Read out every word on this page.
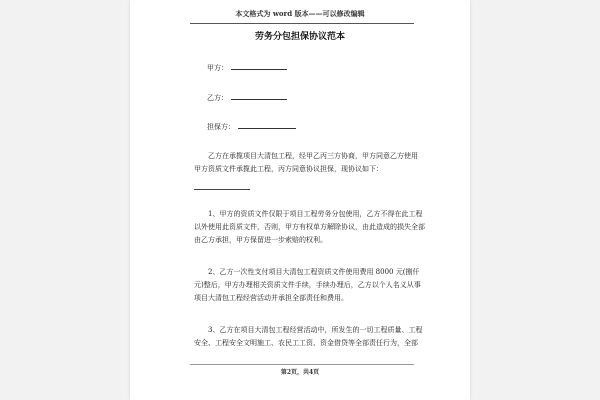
本文格式为 word 版本——可以修改编辑
劳务分包担保协议范本
甲方：
乙方：
担保方：

乙方在承揽项目大清包工程，经甲乙丙三方协商，甲方同意乙方使用

甲方资质文件承揽此工程，丙方同意协议担保，现协议如下：

1、甲方的资质文件仅限于项目工程劳务分包使用，乙方不得在此工程

以外使用此资质文件，否则，甲方有权单方解除协议，由此造成的损失全部

由乙方承担，甲方保留进一步索赔的权利。

2、乙方一次性支付项目大清包工程资质文件使用费用 8000 元(捌仟

元)整后，甲方办理相关资质文件手续，手续办理后，乙方以个人名义从事

项目大清包工程经营活动并承担全部责任和费用。

3、乙方在项目大清包工程经营活动中，所发生的一切工程质量、工程

安全、工程安全文明施工、农民工工资、资金借贷等全部责任行为，全部

第2页，共4页
